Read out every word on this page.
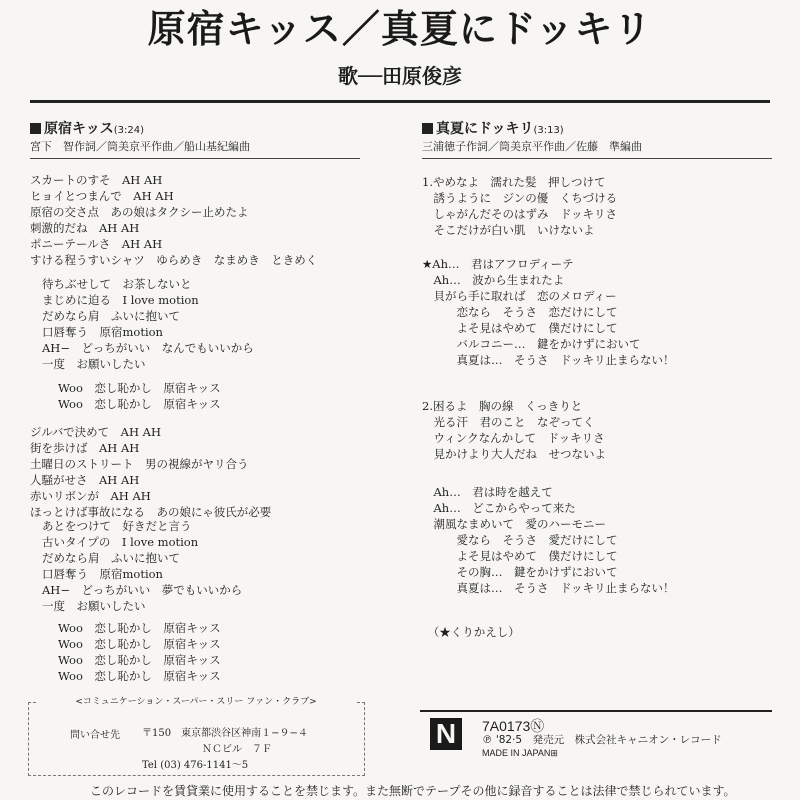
原宿キッス／真夏にドッキリ
歌──田原俊彦
原宿キッス(3:24)
宮下　智作詞／筒美京平作曲／船山基紀編曲
スカートのすそ　AH AH
ヒョイとつまんで　AH AH
原宿の交さ点　あの娘はタクシー止めたよ
刺激的だね　AH AH
ポニーテールさ　AH AH
すける程うすいシャツ　ゆらめき　なまめき　ときめく
待ちぶせして　お茶しないと
まじめに迫る　I love motion
だめなら肩　ふいに抱いて
口唇奪う　原宿motion
AH−　どっちがいい　なんでもいいから
一度　お願いしたい
Woo　恋し恥かし　原宿キッス
Woo　恋し恥かし　原宿キッス
ジルバで決めて　AH AH
街を歩けば　AH AH
土曜日のストリート　男の視線がヤリ合う
人騒がせさ　AH AH
赤いリボンが　AH AH
ほっとけば事故になる　あの娘にゃ彼氏が必要
あとをつけて　好きだと言う
古いタイプの　I love motion
だめなら肩　ふいに抱いて
口唇奪う　原宿motion
AH−　どっちがいい　夢でもいいから
一度　お願いしたい
Woo　恋し恥かし　原宿キッス
Woo　恋し恥かし　原宿キッス
Woo　恋し恥かし　原宿キッス
Woo　恋し恥かし　原宿キッス
真夏にドッキリ(3:13)
三浦徳子作詞／筒美京平作曲／佐藤　準編曲
1.やめなよ　濡れた髪　押しつけて
　誘うように　ジンの優　くちづける
　しゃがんだそのはずみ　ドッキリさ
　そこだけが白い肌　いけないよ
★Ah…　君はアフロディーテ
　Ah…　波から生まれたよ
　貝がら手に取れば　恋のメロディー
　　　恋なら　そうさ　恋だけにして
　　　よそ見はやめて　僕だけにして
　　　バルコニー…　鍵をかけずにおいて
　　　真夏は…　そうさ　ドッキリ止まらない！
2.困るよ　胸の線　くっきりと
　光る汗　君のこと　なぞってく
　ウィンクなんかして　ドッキリさ
　見かけより大人だね　せつないよ
　Ah…　君は時を越えて
　Ah…　どこからやって来た
　潮風なまめいて　愛のハーモニー
　　　愛なら　そうさ　愛だけにして
　　　よそ見はやめて　僕だけにして
　　　その胸…　鍵をかけずにおいて
　　　真夏は…　そうさ　ドッキリ止まらない！
　（★くりかえし）
<コミュニケーション・スーパー・スリー ファン・クラブ>
問い合せ先 〒150　東京都渋谷区神南１−９−４
　　　　　　ＮＣビル　７Ｆ
Tel (03) 476-1141〜5
N	7A0173Ⓝ
℗ '82·5　発売元　株式会社キャニオン・レコード
MADE IN JAPAN⊞
このレコードを賃貸業に使用することを禁じます。また無断でテープその他に録音することは法律で禁じられています。
